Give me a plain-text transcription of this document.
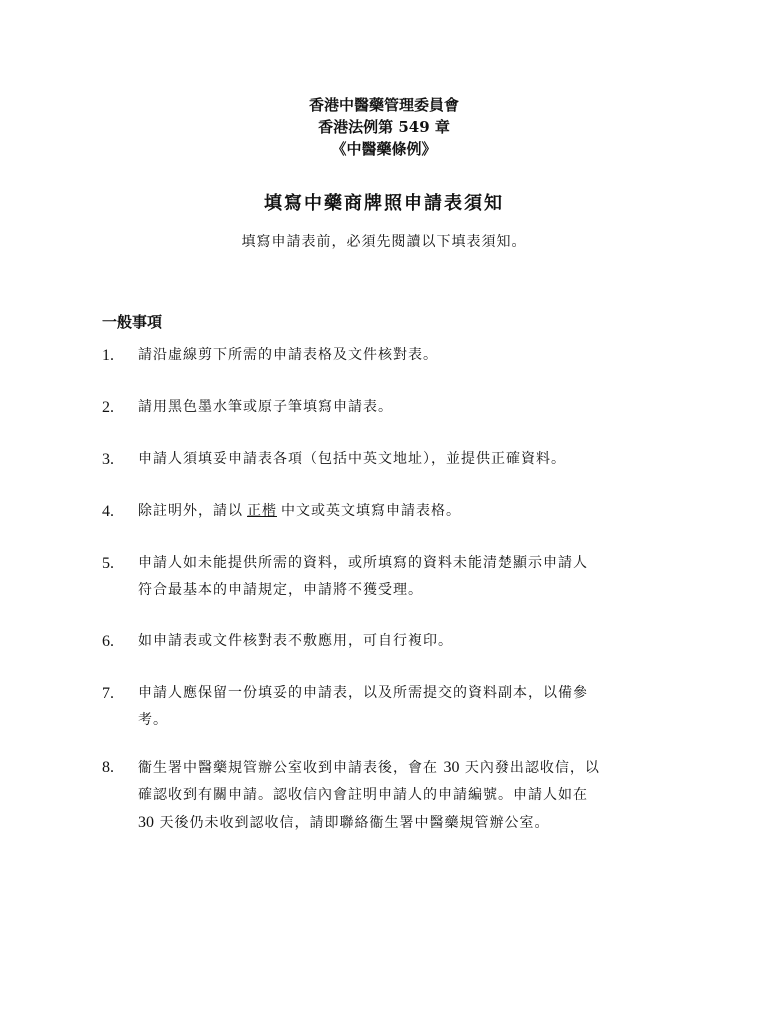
香港中醫藥管理委員會
香港法例第 549 章
《中醫藥條例》
填寫中藥商牌照申請表須知
填寫申請表前，必須先閱讀以下填表須知。
一般事項
1.	請沿虛線剪下所需的申請表格及文件核對表。
2.	請用黑色墨水筆或原子筆填寫申請表。
3.	申請人須填妥申請表各項（包括中英文地址），並提供正確資料。
4.	除註明外，請以 正楷 中文或英文填寫申請表格。
5.	申請人如未能提供所需的資料，或所填寫的資料未能清楚顯示申請人
符合最基本的申請規定，申請將不獲受理。
6.	如申請表或文件核對表不敷應用，可自行複印。
7.	申請人應保留一份填妥的申請表，以及所需提交的資料副本，以備參
考。
8.	衞生署中醫藥規管辦公室收到申請表後，會在 30 天內發出認收信，以
確認收到有關申請。認收信內會註明申請人的申請編號。申請人如在
30 天後仍未收到認收信，請即聯絡衞生署中醫藥規管辦公室。
